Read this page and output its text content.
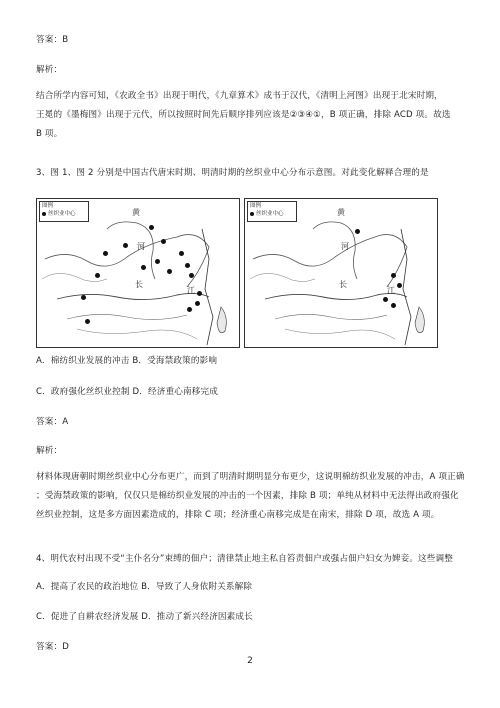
答案：B
解析：
结合所学内容可知，《农政全书》出现于明代，《九章算术》成书于汉代，《清明上河图》出现于北宋时期，
王冕的《墨梅图》出现于元代，所以按照时间先后顺序排列应该是②③④①，B 项正确，排除 ACD 项。故选
B 项。
3、图 1、图 2 分别是中国古代唐宋时期、明清时期的丝织业中心分布示意图。对此变化解释合理的是
图例
丝织业中心	黄
河
长
江
图例
丝织业中心	黄
河
长
江
A．棉纺织业发展的冲击 B．受海禁政策的影响
C．政府强化丝织业控制 D．经济重心南移完成
答案：A
解析：
材料体现唐朝时期丝织业中心分布更广，而到了明清时期明显分布更少，这说明棉纺织业发展的冲击，A 项正确
；受海禁政策的影响，仅仅只是棉纺织业发展的冲击的一个因素，排除 B 项；单纯从材料中无法得出政府强化
丝织业控制，这是多方面因素造成的，排除 C 项；经济重心南移完成是在南宋，排除 D 项，故选 A 项。
4、明代农村出现不受“主仆名分”束缚的佃户；清律禁止地主私自笞责佃户或强占佃户妇女为婢妾。这些调整
A．提高了农民的政治地位 B．导致了人身依附关系解除
C．促进了自耕农经济发展 D．推动了新兴经济因素成长
答案：D
2
